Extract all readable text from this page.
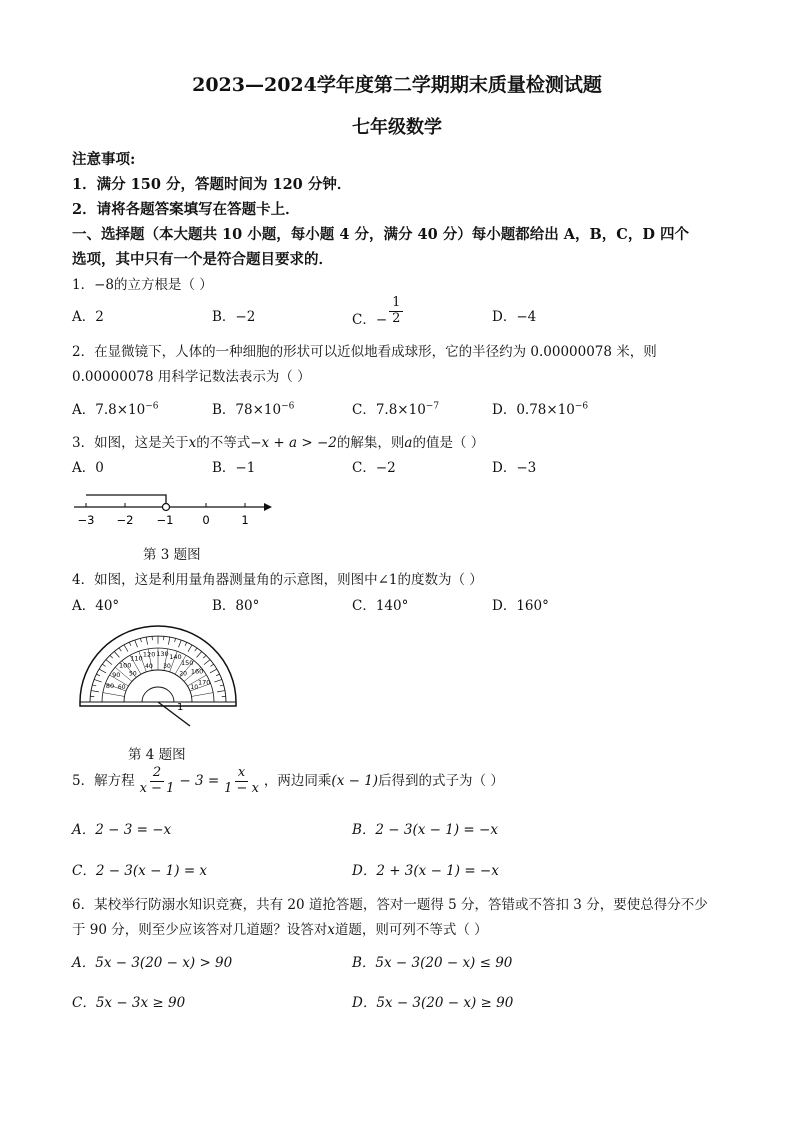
2023—2024学年度第二学期期末质量检测试题
七年级数学
注意事项:
1．满分 150 分，答题时间为 120 分钟．
2．请将各题答案填写在答题卡上．
一、选择题（本大题共 10 小题，每小题 4 分，满分 40 分）每小题都给出 A，B，C，D 四个
选项，其中只有一个是符合题目要求的．
1．−8的立方根是（ ）
A．2	B．−2	C．− $\frac{1}{2}$	D．−4
2．在显微镜下，人体的一种细胞的形状可以近似地看成球形，它的半径约为 0.00000078 米，则
0.00000078 用科学记数法表示为（ ）
A．$7.8\times 10^{-6}$	B．$78\times 10^{-6}$	C．$7.8\times 10^{-7}$	D．$0.78\times 10^{-6}$
3．如图，这是关于x的不等式−x + a > −2的解集，则a的值是（ ）
A．0	B．−1	C．−2	D．−3
−3 −2 −1	0	1
第 3 题图
4．如图，这是利用量角器测量角的示意图，则图中∠1的度数为（ ）
A．40°	B．80°	C．140°	D．160°
80
90
100
110 120 130 140
150
160
170
10
20
30
40
50
60
1
第 4 题图
5．解方程 $\frac{2}{x - 1} - 3 = \frac{x}{1 - x}$ ，两边同乘(x − 1)后得到的式子为（ ）
A．2 − 3 = −x	B．2 − 3(x − 1) = −x
C．2 − 3(x − 1) = x	D．2 + 3(x − 1) = −x
6．某校举行防溺水知识竞赛，共有 20 道抢答题，答对一题得 5 分，答错或不答扣 3 分，要使总得分不少
于 90 分，则至少应该答对几道题？设答对x道题，则可列不等式（ ）
A．5x − 3(20 − x) > 90	B．5x − 3(20 − x) ≤ 90
C．5x − 3x ≥ 90	D．5x − 3(20 − x) ≥ 90
